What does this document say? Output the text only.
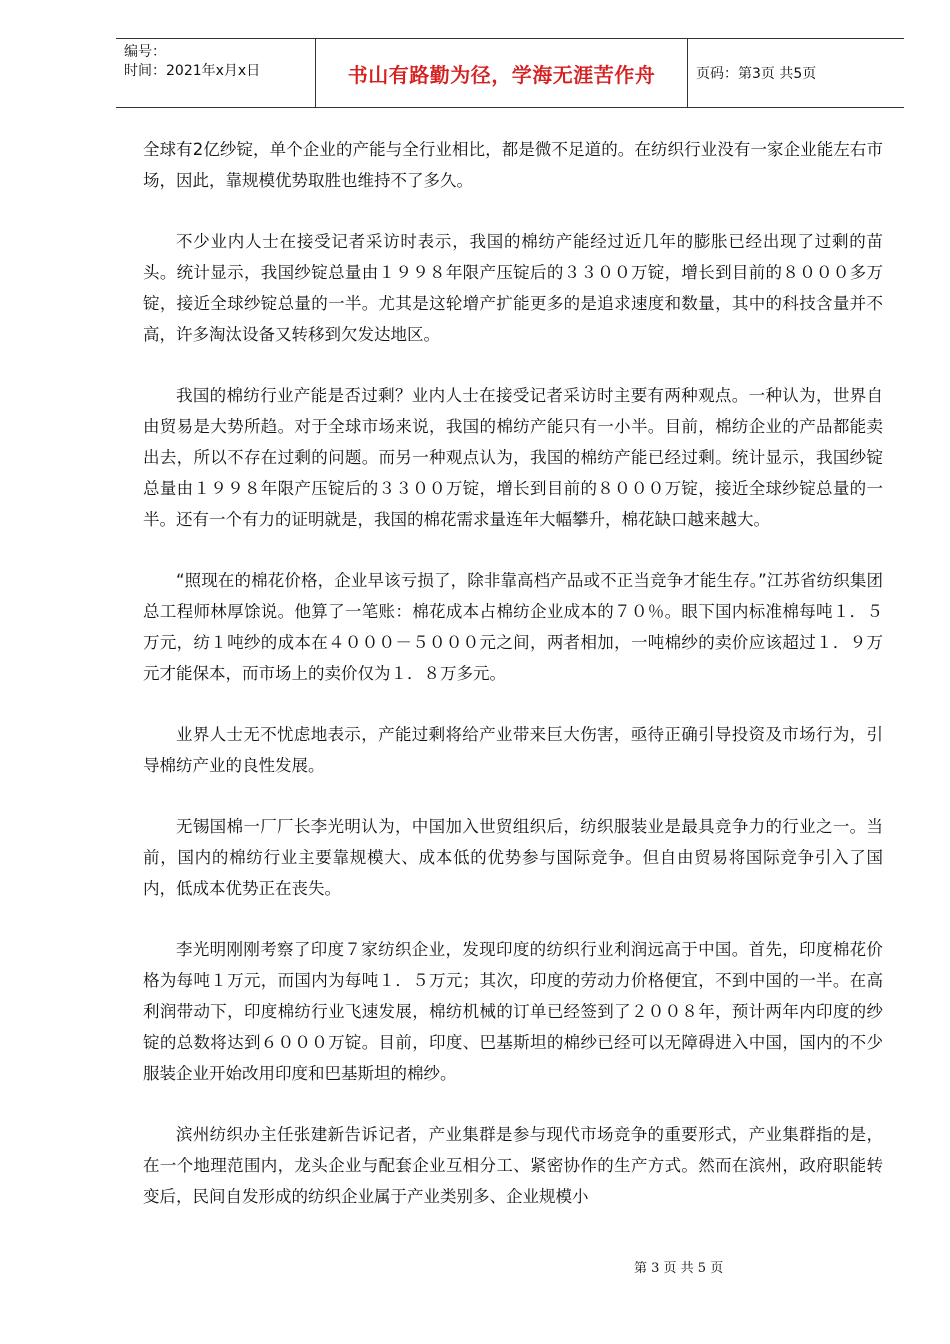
编号：
时间：2021年x月x日	书山有路勤为径，学海无涯苦作舟	页码：第3页 共5页

全球有2亿纱锭，单个企业的产能与全行业相比，都是微不足道的。在纺织行业没有一家企业能左右市场，因此，靠规模优势取胜也维持不了多久。

不少业内人士在接受记者采访时表示，我国的棉纺产能经过近几年的膨胀已经出现了过剩的苗头。统计显示，我国纱锭总量由１９９８年限产压锭后的３３００万锭，增长到目前的８０００多万锭，接近全球纱锭总量的一半。尤其是这轮增产扩能更多的是追求速度和数量，其中的科技含量并不高，许多淘汰设备又转移到欠发达地区。

我国的棉纺行业产能是否过剩？业内人士在接受记者采访时主要有两种观点。一种认为，世界自由贸易是大势所趋。对于全球市场来说，我国的棉纺产能只有一小半。目前，棉纺企业的产品都能卖出去，所以不存在过剩的问题。而另一种观点认为，我国的棉纺产能已经过剩。统计显示，我国纱锭总量由１９９８年限产压锭后的３３００万锭，增长到目前的８０００万锭，接近全球纱锭总量的一半。还有一个有力的证明就是，我国的棉花需求量连年大幅攀升，棉花缺口越来越大。

“照现在的棉花价格，企业早该亏损了，除非靠高档产品或不正当竞争才能生存。”江苏省纺织集团总工程师林厚馀说。他算了一笔账：棉花成本占棉纺企业成本的７０％。眼下国内标准棉每吨１．５万元，纺１吨纱的成本在４０００－５０００元之间，两者相加，一吨棉纱的卖价应该超过１．９万元才能保本，而市场上的卖价仅为１．８万多元。

业界人士无不忧虑地表示，产能过剩将给产业带来巨大伤害，亟待正确引导投资及市场行为，引导棉纺产业的良性发展。

无锡国棉一厂厂长李光明认为，中国加入世贸组织后，纺织服装业是最具竞争力的行业之一。当前，国内的棉纺行业主要靠规模大、成本低的优势参与国际竞争。但自由贸易将国际竞争引入了国内，低成本优势正在丧失。

李光明刚刚考察了印度７家纺织企业，发现印度的纺织行业利润远高于中国。首先，印度棉花价格为每吨１万元，而国内为每吨１．５万元；其次，印度的劳动力价格便宜，不到中国的一半。在高利润带动下，印度棉纺行业飞速发展，棉纺机械的订单已经签到了２００８年，预计两年内印度的纱锭的总数将达到６０００万锭。目前，印度、巴基斯坦的棉纱已经可以无障碍进入中国，国内的不少服装企业开始改用印度和巴基斯坦的棉纱。

滨州纺织办主任张建新告诉记者，产业集群是参与现代市场竞争的重要形式，产业集群指的是，在一个地理范围内，龙头企业与配套企业互相分工、紧密协作的生产方式。然而在滨州，政府职能转变后，民间自发形成的纺织企业属于产业类别多、企业规模小

第 3 页 共 5 页
